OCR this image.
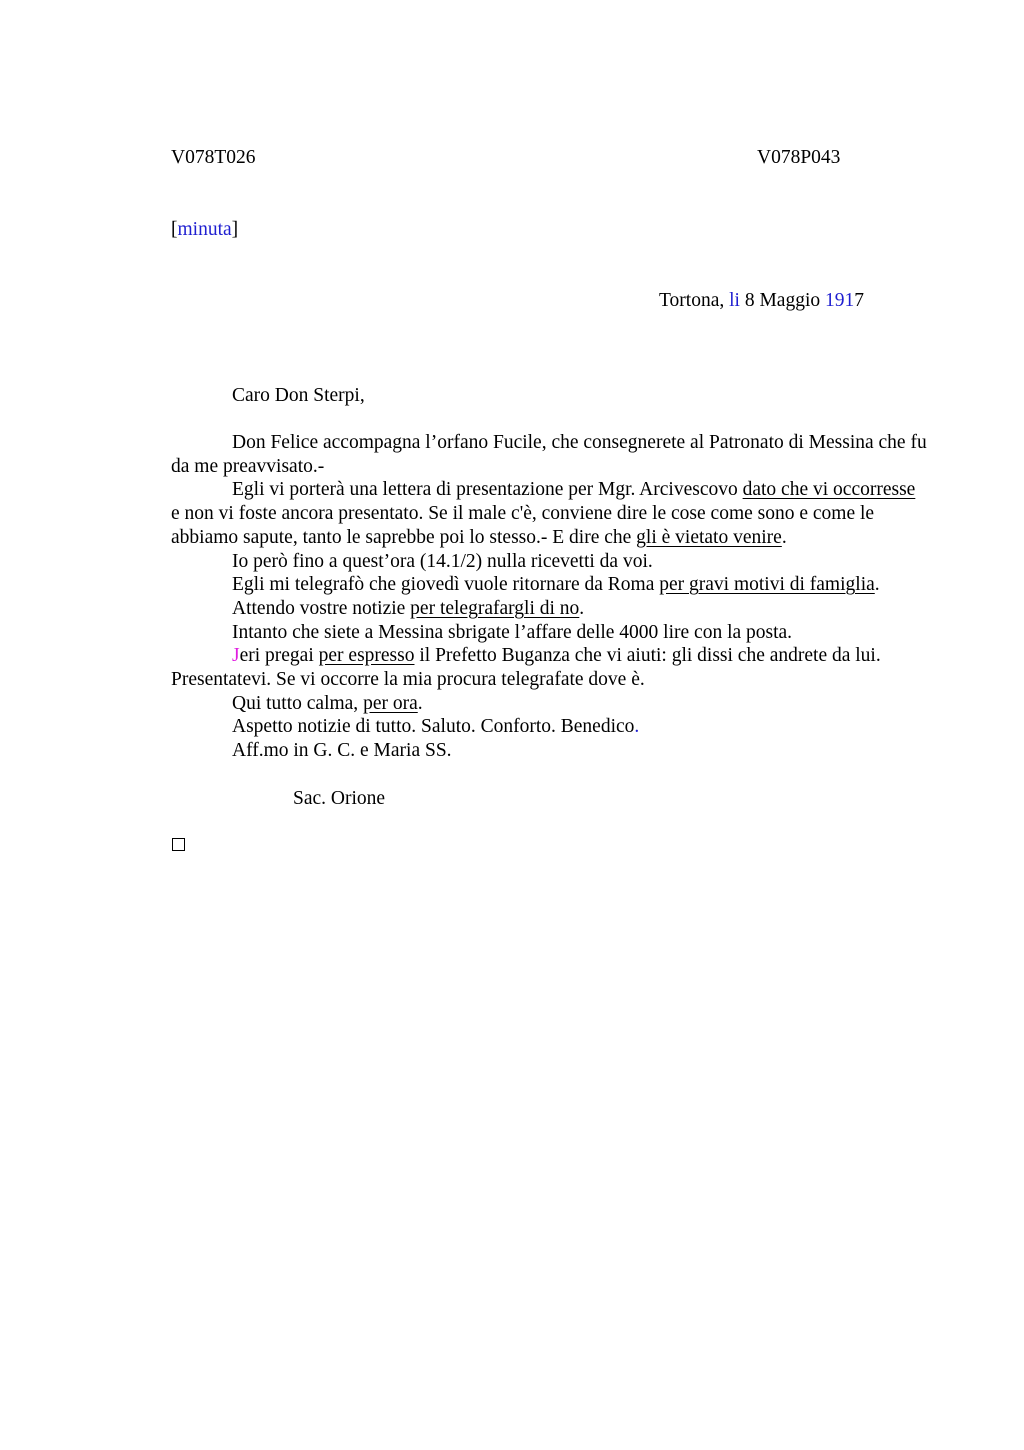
V078T026	V078P043
[minuta]
Tortona, li 8 Maggio 1917
Caro Don Sterpi,

Don Felice accompagna l’orfano Fucile, che consegnerete al Patronato di Messina che fu da me preavvisato.-

Egli vi porterà una lettera di presentazione per Mgr. Arcivescovo dato che vi occorresse e non vi foste ancora presentato. Se il male c'è, conviene dire le cose come sono e come le abbiamo sapute, tanto le saprebbe poi lo stesso.- E dire che gli è vietato venire.

Io però fino a quest’ora (14.1/2) nulla ricevetti da voi.

Egli mi telegrafò che giovedì vuole ritornare da Roma per gravi motivi di famiglia.

Attendo vostre notizie per telegrafargli di no.

Intanto che siete a Messina sbrigate l’affare delle 4000 lire con la posta.

Jeri pregai per espresso il Prefetto Buganza che vi aiuti: gli dissi che andrete da lui. Presentatevi. Se vi occorre la mia procura telegrafate dove è.

Qui tutto calma, per ora.

Aspetto notizie di tutto. Saluto. Conforto. Benedico.

Aff.mo in G. C. e Maria SS.

Sac. Orione
